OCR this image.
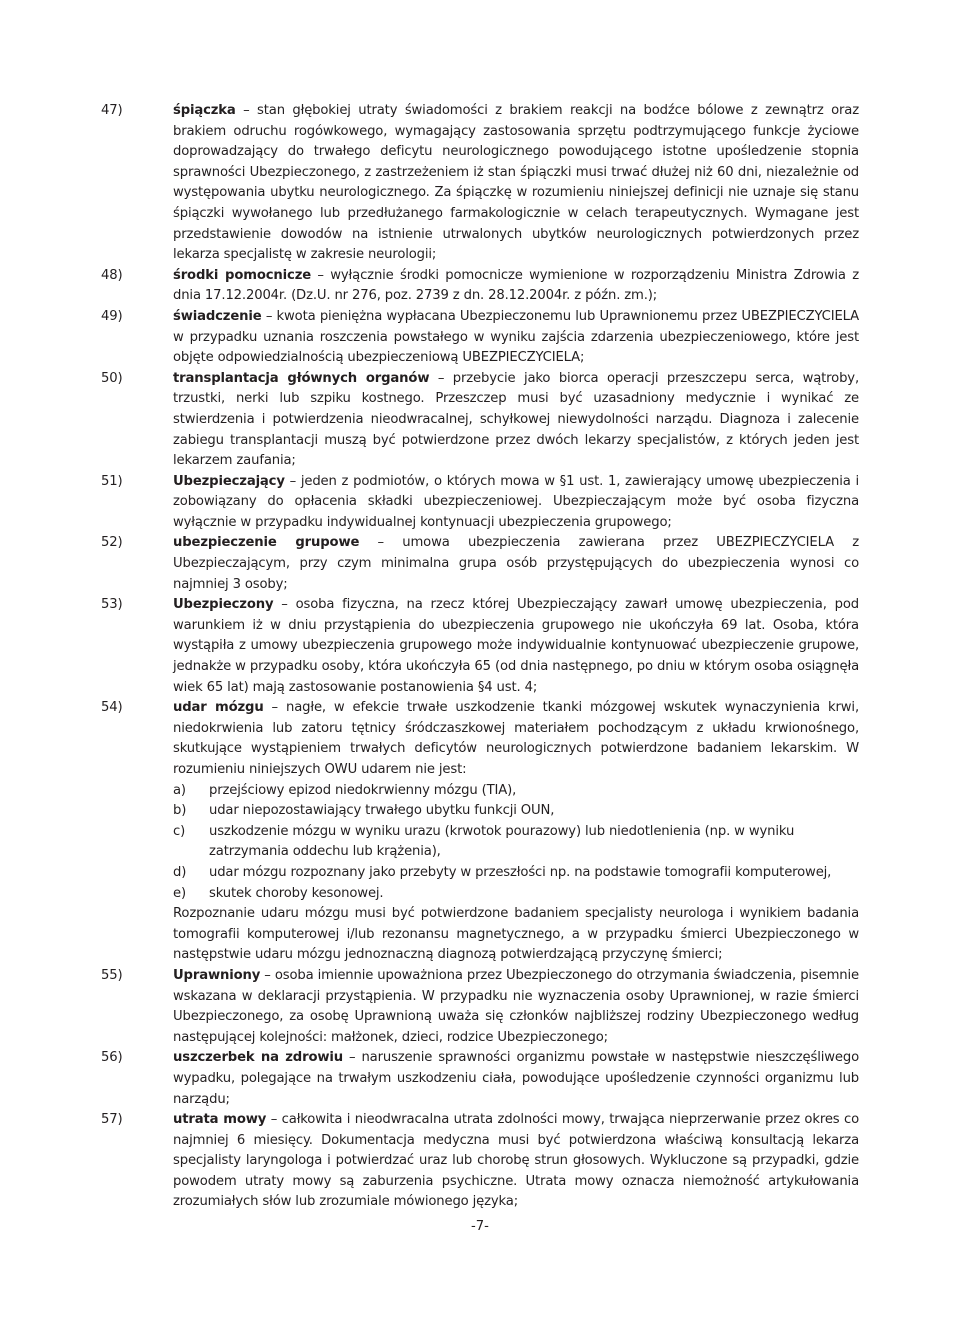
47)	śpiączka – stan głębokiej utraty świadomości z brakiem reakcji na bodźce bólowe z zewnątrz oraz brakiem odruchu rogówkowego, wymagający zastosowania sprzętu podtrzymującego funkcje życiowe doprowadzający do trwałego deficytu neurologicznego powodującego istotne upośledzenie stopnia sprawności Ubezpieczonego, z zastrzeżeniem iż stan śpiączki musi trwać dłużej niż 60 dni, niezależnie od występowania ubytku neurologicznego. Za śpiączkę w rozumieniu niniejszej definicji nie uznaje się stanu śpiączki wywołanego lub przedłużanego farmakologicznie w celach terapeutycznych. Wymagane jest przedstawienie dowodów na istnienie utrwalonych ubytków neurologicznych potwierdzonych przez lekarza specjalistę w zakresie neurologii;

48)	środki pomocnicze – wyłącznie środki pomocnicze wymienione w rozporządzeniu Ministra Zdrowia z dnia 17.12.2004r. (Dz.U. nr 276, poz. 2739 z dn. 28.12.2004r. z późn. zm.);

49)	świadczenie – kwota pieniężna wypłacana Ubezpieczonemu lub Uprawnionemu przez UBEZPIECZYCIELA w przypadku uznania roszczenia powstałego w wyniku zajścia zdarzenia ubezpieczeniowego, które jest objęte odpowiedzialnością ubezpieczeniową UBEZPIECZYCIELA;

50)	transplantacja głównych organów – przebycie jako biorca operacji przeszczepu serca, wątroby, trzustki, nerki lub szpiku kostnego. Przeszczep musi być uzasadniony medycznie i wynikać ze stwierdzenia i potwierdzenia nieodwracalnej, schyłkowej niewydolności narządu. Diagnoza i zalecenie zabiegu transplantacji muszą być potwierdzone przez dwóch lekarzy specjalistów, z których jeden jest lekarzem zaufania;

51)	Ubezpieczający – jeden z podmiotów, o których mowa w §1 ust. 1, zawierający umowę ubezpieczenia i zobowiązany do opłacenia składki ubezpieczeniowej. Ubezpieczającym może być osoba fizyczna wyłącznie w przypadku indywidualnej kontynuacji ubezpieczenia grupowego;

52)	ubezpieczenie grupowe – umowa ubezpieczenia zawierana przez UBEZPIECZYCIELA z Ubezpieczającym, przy czym minimalna grupa osób przystępujących do ubezpieczenia wynosi co najmniej 3 osoby;

53)	Ubezpieczony – osoba fizyczna, na rzecz której Ubezpieczający zawarł umowę ubezpieczenia, pod warunkiem iż w dniu przystąpienia do ubezpieczenia grupowego nie ukończyła 69 lat. Osoba, która wystąpiła z umowy ubezpieczenia grupowego może indywidualnie kontynuować ubezpieczenie grupowe, jednakże w przypadku osoby, która ukończyła 65 (od dnia następnego, po dniu w którym osoba osiągnęła wiek 65 lat) mają zastosowanie postanowienia §4 ust. 4;

54)	udar mózgu – nagłe, w efekcie trwałe uszkodzenie tkanki mózgowej wskutek wynaczynienia krwi, niedokrwienia lub zatoru tętnicy śródczaszkowej materiałem pochodzącym z układu krwionośnego, skutkujące wystąpieniem trwałych deficytów neurologicznych potwierdzone badaniem lekarskim. W rozumieniu niniejszych OWU udarem nie jest:

a) przejściowy epizod niedokrwienny mózgu (TIA),
b) udar niepozostawiający trwałego ubytku funkcji OUN,
c) uszkodzenie mózgu w wyniku urazu (krwotok pourazowy) lub niedotlenienia (np. w wyniku zatrzymania oddechu lub krążenia),
d) udar mózgu rozpoznany jako przebyty w przeszłości np. na podstawie tomografii komputerowej,
e) skutek choroby kesonowej.

Rozpoznanie udaru mózgu musi być potwierdzone badaniem specjalisty neurologa i wynikiem badania tomografii komputerowej i/lub rezonansu magnetycznego, a w przypadku śmierci Ubezpieczonego w następstwie udaru mózgu jednoznaczną diagnozą potwierdzającą przyczynę śmierci;

55)	Uprawniony – osoba imiennie upoważniona przez Ubezpieczonego do otrzymania świadczenia, pisemnie wskazana w deklaracji przystąpienia. W przypadku nie wyznaczenia osoby Uprawnionej, w razie śmierci Ubezpieczonego, za osobę Uprawnioną uważa się członków najbliższej rodziny Ubezpieczonego według następującej kolejności: małżonek, dzieci, rodzice Ubezpieczonego;

56)	uszczerbek na zdrowiu – naruszenie sprawności organizmu powstałe w następstwie nieszczęśliwego wypadku, polegające na trwałym uszkodzeniu ciała, powodujące upośledzenie czynności organizmu lub narządu;

57)	utrata mowy – całkowita i nieodwracalna utrata zdolności mowy, trwająca nieprzerwanie przez okres co najmniej 6 miesięcy. Dokumentacja medyczna musi być potwierdzona właściwą konsultacją lekarza specjalisty laryngologa i potwierdzać uraz lub chorobę strun głosowych. Wykluczone są przypadki, gdzie powodem utraty mowy są zaburzenia psychiczne. Utrata mowy oznacza niemożność artykułowania zrozumiałych słów lub zrozumiale mówionego języka;

-7-
